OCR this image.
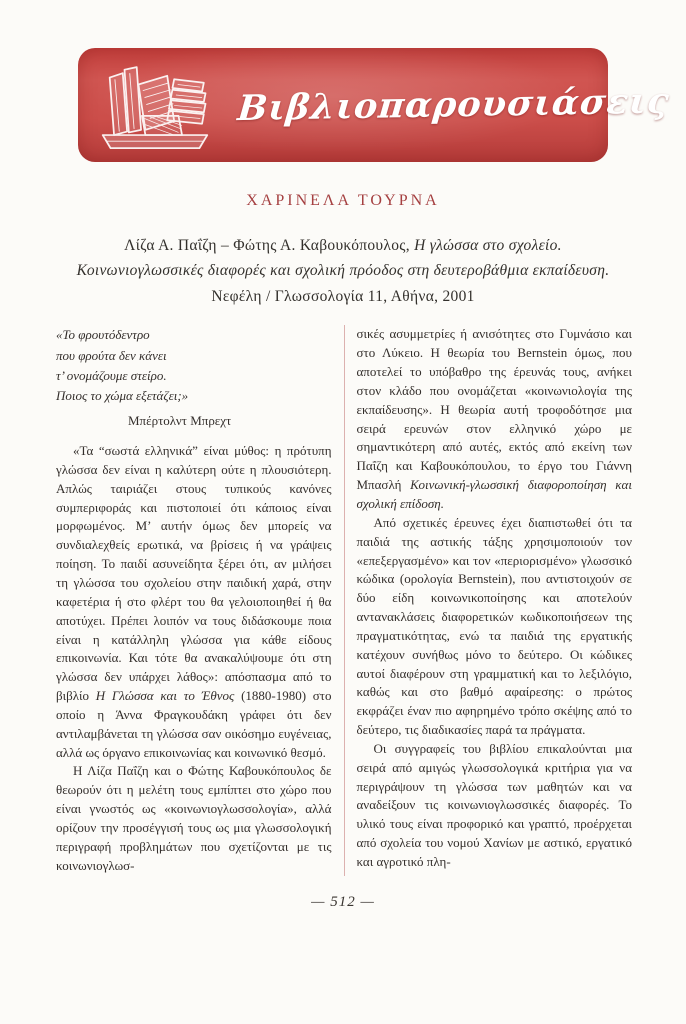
Βιβλιοπαρουσιάσεις
ΧΑΡΙΝΕΛΑ ΤΟΥΡΝΑ
Λίζα Α. Παΐζη – Φώτης Α. Καβουκόπουλος, Η γλώσσα στο σχολείο.
Κοινωνιογλωσσικές διαφορές και σχολική πρόοδος στη δευτεροβάθμια εκπαίδευση.
Νεφέλη / Γλωσσολογία 11, Αθήνα, 2001
«Το φρουτόδεντρο
που φρούτα δεν κάνει
τ’ ονομάζουμε στείρο.
Ποιος το χώμα εξετάζει;»
Μπέρτολντ Μπρεχτ

«Τα “σωστά ελληνικά” είναι μύθος: η πρότυπη γλώσσα δεν είναι η καλύτερη ούτε η πλουσιότερη. Απλώς ταιριάζει στους τυπικούς κανόνες συμπεριφοράς και πιστοποιεί ότι κάποιος είναι μορφωμένος. Μ’ αυτήν όμως δεν μπορείς να συνδιαλεχθείς ερωτικά, να βρίσεις ή να γράψεις ποίηση. Το παιδί ασυνείδητα ξέρει ότι, αν μιλήσει τη γλώσσα του σχολείου στην παιδική χαρά, στην καφετέρια ή στο φλέρτ του θα γελοιοποιηθεί ή θα αποτύχει. Πρέπει λοιπόν να τους διδάσκουμε ποια είναι η κατάλληλη γλώσσα για κάθε είδους επικοινωνία. Και τότε θα ανακαλύψουμε ότι στη γλώσσα δεν υπάρχει λάθος»: απόσπασμα από το βιβλίο Η Γλώσσα και το Έθνος (1880-1980) στο οποίο η Άννα Φραγκουδάκη γράφει ότι δεν αντιλαμβάνεται τη γλώσσα σαν οικόσημο ευγένειας, αλλά ως όργανο επικοινωνίας και κοινωνικό θεσμό.

Η Λίζα Παΐζη και ο Φώτης Καβουκόπουλος δε θεωρούν ότι η μελέτη τους εμπίπτει στο χώρο που είναι γνωστός ως «κοινωνιογλωσσολογία», αλλά ορίζουν την προσέγγισή τους ως μια γλωσσολογική περιγραφή προβλημάτων που σχετίζονται με τις κοινωνιογλωσ-

σικές ασυμμετρίες ή ανισότητες στο Γυμνάσιο και στο Λύκειο. Η θεωρία του Bernstein όμως, που αποτελεί το υπόβαθρο της έρευνάς τους, ανήκει στον κλάδο που ονομάζεται «κοινωνιολογία της εκπαίδευσης». Η θεωρία αυτή τροφοδότησε μια σειρά ερευνών στον ελληνικό χώρο με σημαντικότερη από αυτές, εκτός από εκείνη των Παΐζη και Καβουκόπουλου, το έργο του Γιάννη Μπασλή Κοινωνική-γλωσσική διαφοροποίηση και σχολική επίδοση.

Από σχετικές έρευνες έχει διαπιστωθεί ότι τα παιδιά της αστικής τάξης χρησιμοποιούν τον «επεξεργασμένο» και τον «περιορισμένο» γλωσσικό κώδικα (ορολογία Bernstein), που αντιστοιχούν σε δύο είδη κοινωνικοποίησης και αποτελούν αντανακλάσεις διαφορετικών κωδικοποιήσεων της πραγματικότητας, ενώ τα παιδιά της εργατικής κατέχουν συνήθως μόνο το δεύτερο. Οι κώδικες αυτοί διαφέρουν στη γραμματική και το λεξιλόγιο, καθώς και στο βαθμό αφαίρεσης: ο πρώτος εκφράζει έναν πιο αφηρημένο τρόπο σκέψης από το δεύτερο, τις διαδικασίες παρά τα πράγματα.

Οι συγγραφείς του βιβλίου επικαλούνται μια σειρά από αμιγώς γλωσσολογικά κριτήρια για να περιγράψουν τη γλώσσα των μαθητών και να αναδείξουν τις κοινωνιογλωσσικές διαφορές. Το υλικό τους είναι προφορικό και γραπτό, προέρχεται από σχολεία του νομού Χανίων με αστικό, εργατικό και αγροτικό πλη-

— 512 —
